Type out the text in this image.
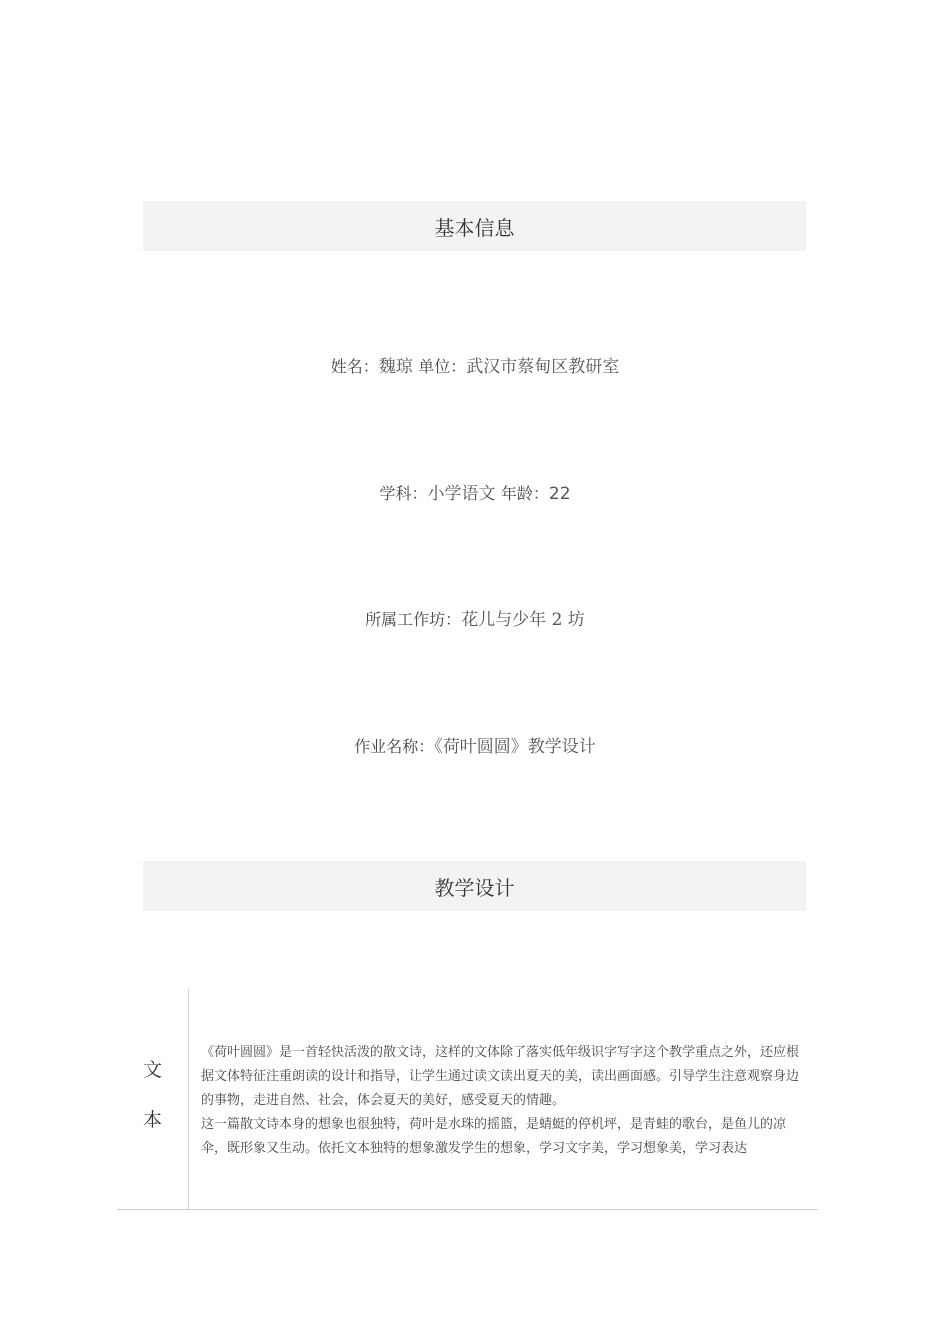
基本信息
姓名：魏琼 单位：武汉市蔡甸区教研室
学科：小学语文 年龄：22
所属工作坊：花儿与少年 2 坊
作业名称：《荷叶圆圆》教学设计
教学设计
文
本

《荷叶圆圆》是一首轻快活泼的散文诗，这样的文体除了落实低年级识字写字这个教学重点之外，还应根据文体特征注重朗读的设计和指导，让学生通过读文读出夏天的美，读出画面感。引导学生注意观察身边的事物，走进自然、社会，体会夏天的美好，感受夏天的情趣。

这一篇散文诗本身的想象也很独特，荷叶是水珠的摇篮，是蜻蜓的停机坪，是青蛙的歌台，是鱼儿的凉伞，既形象又生动。依托文本独特的想象激发学生的想象，学习文字美，学习想象美，学习表达
